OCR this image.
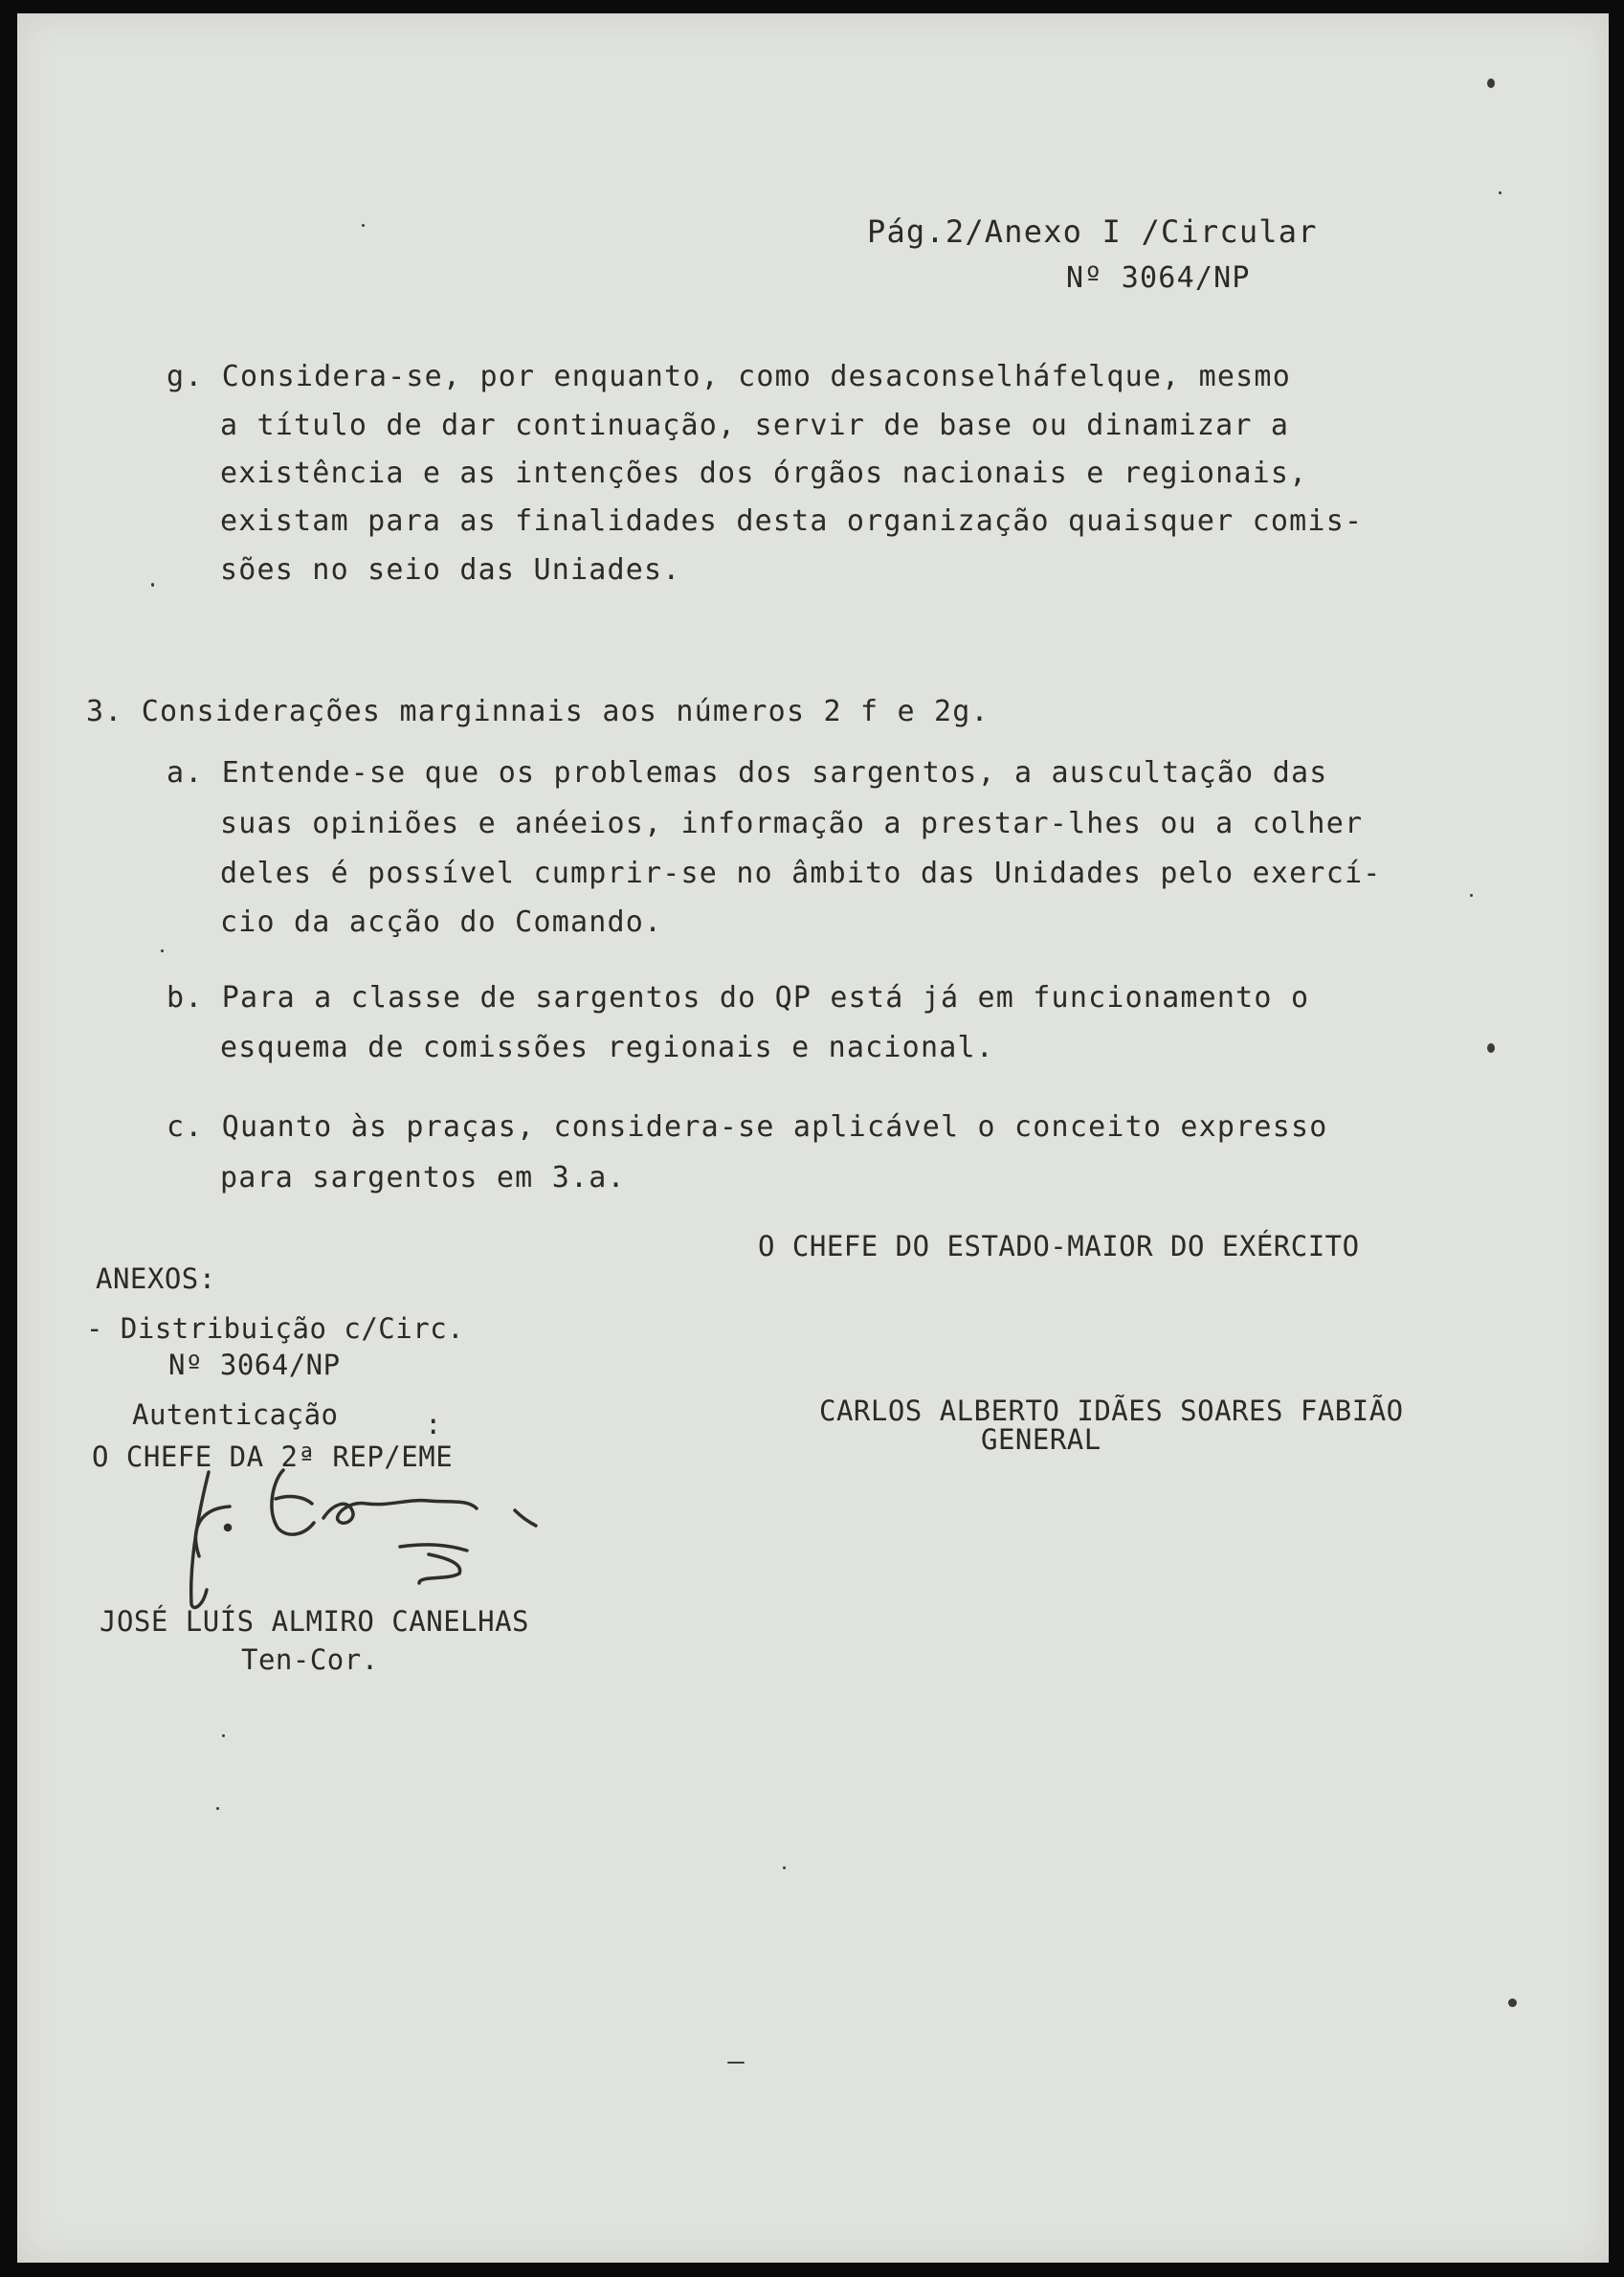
Pág.2/Anexo I /Circular
Nº 3064/NP
g. Considera-se, por enquanto, como desaconselháfelque, mesmo
a título de dar continuação, servir de base ou dinamizar a
existência e as intenções dos órgãos nacionais e regionais,
existam para as finalidades desta organização quaisquer comis-
sões no seio das Uniades.
3. Considerações marginnais aos números 2 f e 2g.
a. Entende-se que os problemas dos sargentos, a auscultação das
suas opiniões e anéeios, informação a prestar-lhes ou a colher
deles é possível cumprir-se no âmbito das Unidades pelo exercí-
cio da acção do Comando.
b. Para a classe de sargentos do QP está já em funcionamento o
esquema de comissões regionais e nacional.
c. Quanto às praças, considera-se aplicável o conceito expresso
para sargentos em 3.a.
O CHEFE DO ESTADO-MAIOR DO EXÉRCITO
CARLOS ALBERTO IDÃES SOARES FABIÃO
GENERAL
ANEXOS:
- Distribuição c/Circ.
Nº 3064/NP
Autenticação	:
O CHEFE DA 2ª REP/EME
JOSÉ LUÍS ALMIRO CANELHAS
Ten-Cor.
